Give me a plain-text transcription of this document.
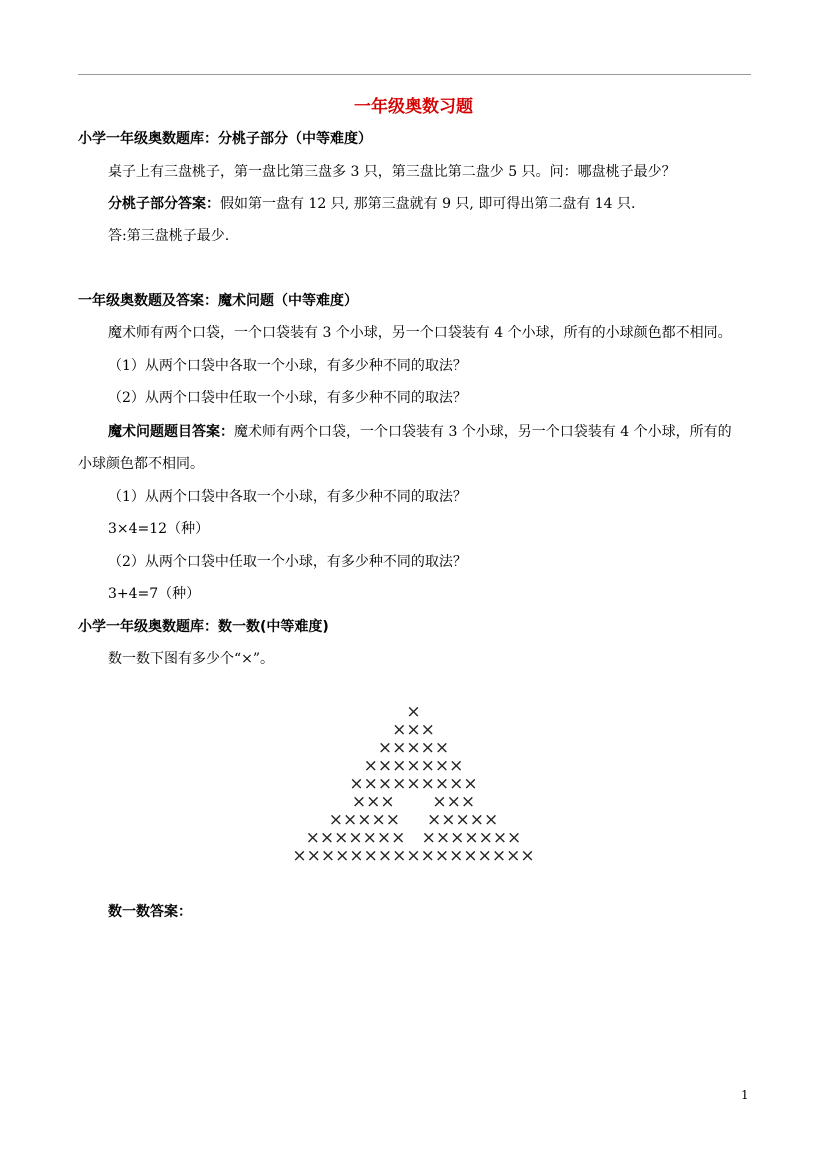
一年级奥数习题
小学一年级奥数题库：分桃子部分（中等难度）
桌子上有三盘桃子，第一盘比第三盘多 3 只，第三盘比第二盘少 5 只。问：哪盘桃子最少？
分桃子部分答案：假如第一盘有 12 只, 那第三盘就有 9 只, 即可得出第二盘有 14 只.
答:第三盘桃子最少.
一年级奥数题及答案：魔术问题（中等难度）
魔术师有两个口袋，一个口袋装有 3 个小球，另一个口袋装有 4 个小球，所有的小球颜色都不相同。
（1）从两个口袋中各取一个小球，有多少种不同的取法？
（2）从两个口袋中任取一个小球，有多少种不同的取法？
魔术问题题目答案：魔术师有两个口袋，一个口袋装有 3 个小球，另一个口袋装有 4 个小球，所有的
小球颜色都不相同。
（1）从两个口袋中各取一个小球，有多少种不同的取法？
3×4=12（种）
（2）从两个口袋中任取一个小球，有多少种不同的取法？
3+4=7（种）
小学一年级奥数题库：数一数(中等难度)
数一数下图有多少个“×”。
×
×××
×××××
×××××××
×××××××××
×××       ×××
×××××     ×××××
×××××××   ×××××××
×××××××××××××××××
数一数答案：
1
